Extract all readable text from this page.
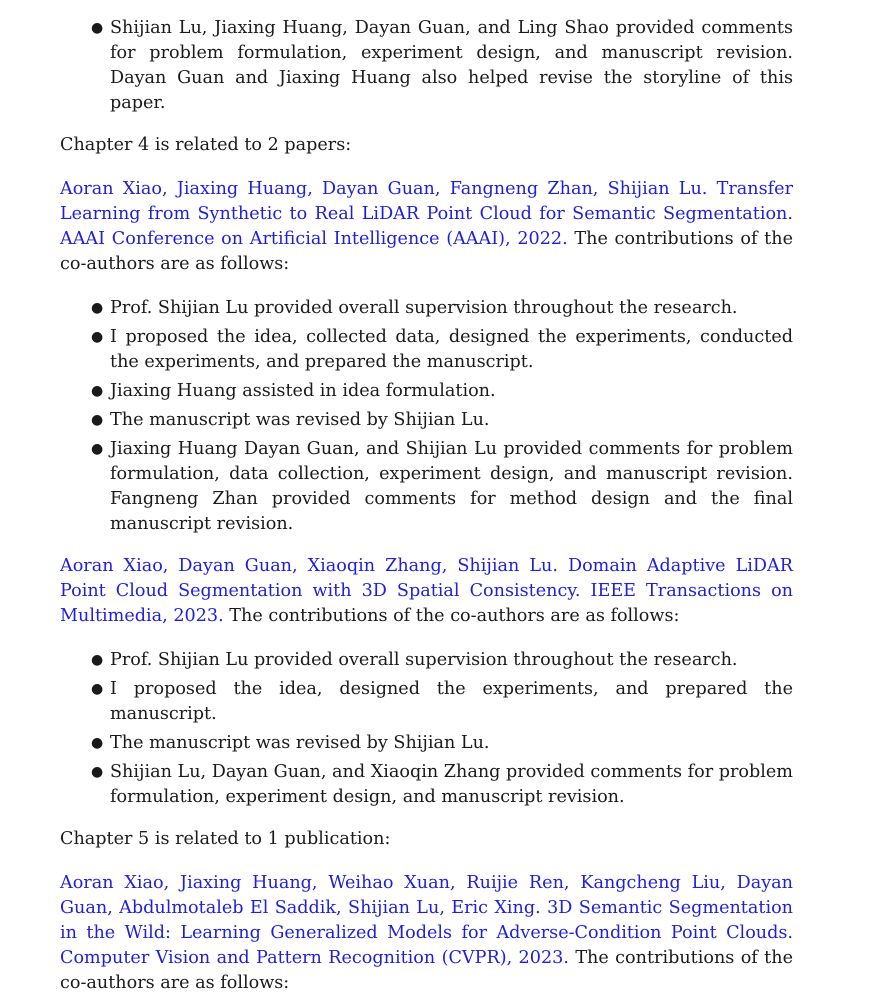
● Shijian Lu, Jiaxing Huang, Dayan Guan, and Ling Shao provided comments for problem formulation, experiment design, and manuscript revision. Dayan Guan and Jiaxing Huang also helped revise the storyline of this paper.

Chapter 4 is related to 2 papers:

Aoran Xiao, Jiaxing Huang, Dayan Guan, Fangneng Zhan, Shijian Lu. Transfer Learning from Synthetic to Real LiDAR Point Cloud for Semantic Segmentation. AAAI Conference on Artificial Intelligence (AAAI), 2022. The contributions of the co-authors are as follows:

● Prof. Shijian Lu provided overall supervision throughout the research.
● I proposed the idea, collected data, designed the experiments, conducted the experiments, and prepared the manuscript.
● Jiaxing Huang assisted in idea formulation.
● The manuscript was revised by Shijian Lu.
● Jiaxing Huang Dayan Guan, and Shijian Lu provided comments for problem formulation, data collection, experiment design, and manuscript revision. Fangneng Zhan provided comments for method design and the final manuscript revision.

Aoran Xiao, Dayan Guan, Xiaoqin Zhang, Shijian Lu. Domain Adaptive LiDAR Point Cloud Segmentation with 3D Spatial Consistency. IEEE Transactions on Multimedia, 2023. The contributions of the co-authors are as follows:

● Prof. Shijian Lu provided overall supervision throughout the research.
● I proposed the idea, designed the experiments, and prepared the manuscript.
● The manuscript was revised by Shijian Lu.
● Shijian Lu, Dayan Guan, and Xiaoqin Zhang provided comments for problem formulation, experiment design, and manuscript revision.

Chapter 5 is related to 1 publication:

Aoran Xiao, Jiaxing Huang, Weihao Xuan, Ruijie Ren, Kangcheng Liu, Dayan Guan, Abdulmotaleb El Saddik, Shijian Lu, Eric Xing. 3D Semantic Segmentation in the Wild: Learning Generalized Models for Adverse-Condition Point Clouds. Computer Vision and Pattern Recognition (CVPR), 2023. The contributions of the co-authors are as follows:
